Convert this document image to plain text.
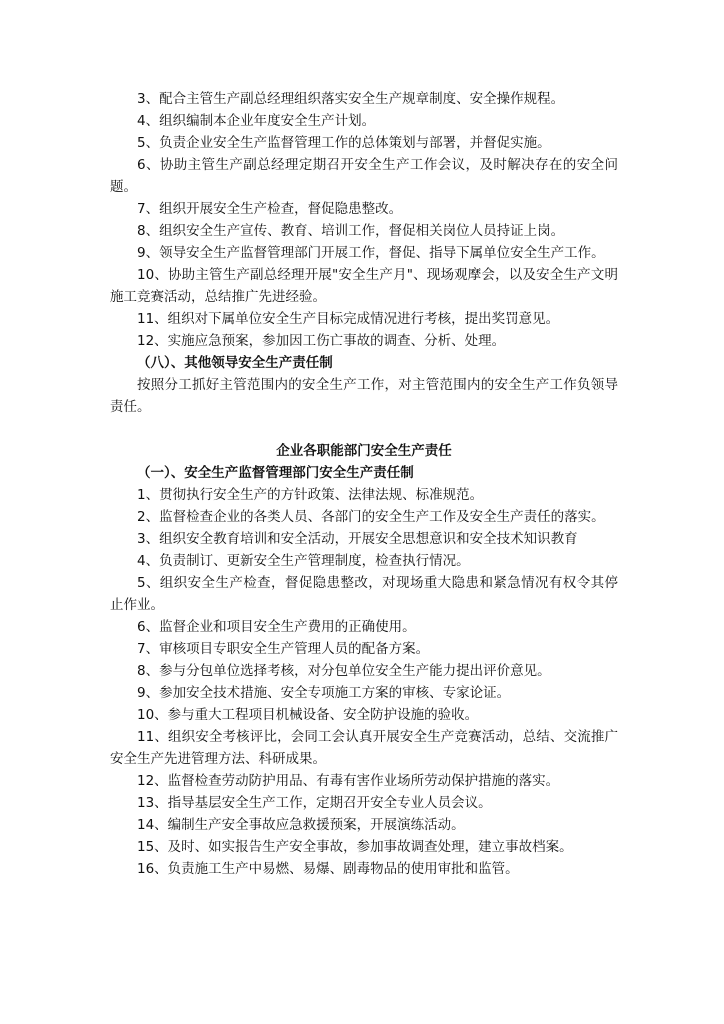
3、配合主管生产副总经理组织落实安全生产规章制度、安全操作规程。

4、组织编制本企业年度安全生产计划。

5、负责企业安全生产监督管理工作的总体策划与部署，并督促实施。

6、协助主管生产副总经理定期召开安全生产工作会议，及时解决存在的安全问题。

7、组织开展安全生产检查，督促隐患整改。

8、组织安全生产宣传、教育、培训工作，督促相关岗位人员持证上岗。

9、领导安全生产监督管理部门开展工作，督促、指导下属单位安全生产工作。

10、协助主管生产副总经理开展"安全生产月"、现场观摩会，以及安全生产文明施工竞赛活动，总结推广先进经验。

11、组织对下属单位安全生产目标完成情况进行考核，提出奖罚意见。

12、实施应急预案，参加因工伤亡事故的调查、分析、处理。

（八）、其他领导安全生产责任制

按照分工抓好主管范围内的安全生产工作，对主管范围内的安全生产工作负领导责任。

企业各职能部门安全生产责任

（一）、安全生产监督管理部门安全生产责任制

1、贯彻执行安全生产的方针政策、法律法规、标准规范。

2、监督检查企业的各类人员、各部门的安全生产工作及安全生产责任的落实。

3、组织安全教育培训和安全活动，开展安全思想意识和安全技术知识教育

4、负责制订、更新安全生产管理制度，检查执行情况。

5、组织安全生产检查，督促隐患整改，对现场重大隐患和紧急情况有权令其停止作业。

6、监督企业和项目安全生产费用的正确使用。

7、审核项目专职安全生产管理人员的配备方案。

8、参与分包单位选择考核，对分包单位安全生产能力提出评价意见。

9、参加安全技术措施、安全专项施工方案的审核、专家论证。

10、参与重大工程项目机械设备、安全防护设施的验收。

11、组织安全考核评比，会同工会认真开展安全生产竞赛活动，总结、交流推广安全生产先进管理方法、科研成果。

12、监督检查劳动防护用品、有毒有害作业场所劳动保护措施的落实。

13、指导基层安全生产工作，定期召开安全专业人员会议。

14、编制生产安全事故应急救援预案，开展演练活动。

15、及时、如实报告生产安全事故，参加事故调查处理，建立事故档案。

16、负责施工生产中易燃、易爆、剧毒物品的使用审批和监管。
